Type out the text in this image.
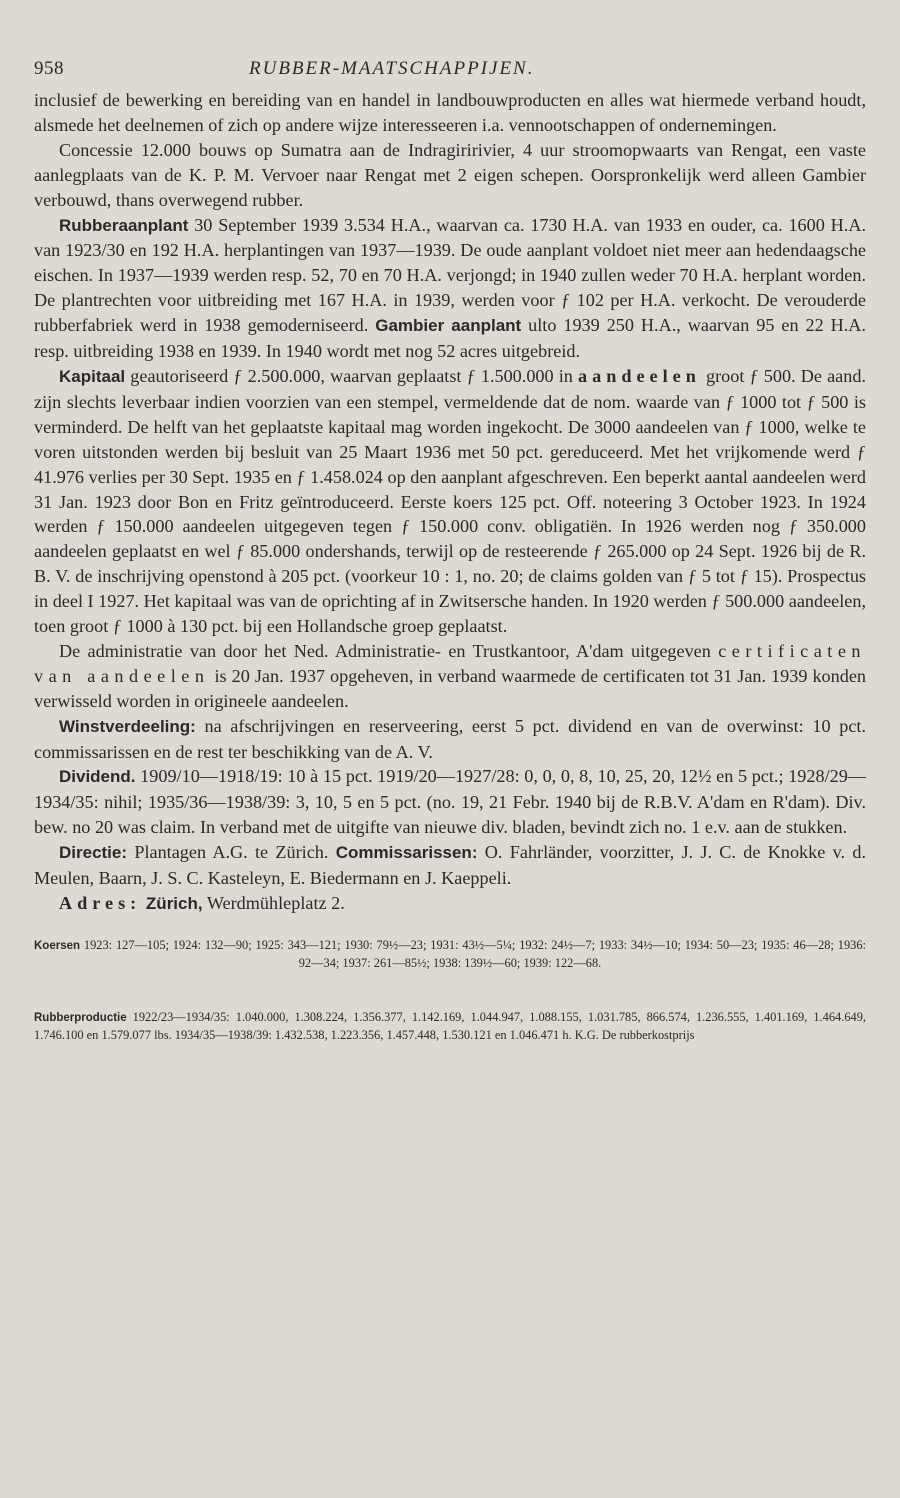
958	RUBBER-MAATSCHAPPIJEN.

inclusief de bewerking en bereiding van en handel in landbouwproducten en alles wat hiermede verband houdt, alsmede het deelnemen of zich op andere wijze interesseeren i.a. vennootschappen of ondernemingen.

Concessie 12.000 bouws op Sumatra aan de Indragiririvier, 4 uur stroomopwaarts van Rengat, een vaste aanlegplaats van de K. P. M. Vervoer naar Rengat met 2 eigen schepen. Oorspronkelijk werd alleen Gambier verbouwd, thans overwegend rubber.

Rubberaanplant 30 September 1939 3.534 H.A., waarvan ca. 1730 H.A. van 1933 en ouder, ca. 1600 H.A. van 1923/30 en 192 H.A. herplantingen van 1937—1939. De oude aanplant voldoet niet meer aan hedendaagsche eischen. In 1937—1939 werden resp. 52, 70 en 70 H.A. verjongd; in 1940 zullen weder 70 H.A. herplant worden. De plantrechten voor uitbreiding met 167 H.A. in 1939, werden voor ƒ 102 per H.A. verkocht. De verouderde rubberfabriek werd in 1938 gemoderniseerd. Gambier aanplant ulto 1939 250 H.A., waarvan 95 en 22 H.A. resp. uitbreiding 1938 en 1939. In 1940 wordt met nog 52 acres uitgebreid.

Kapitaal geautoriseerd ƒ 2.500.000, waarvan geplaatst ƒ 1.500.000 in aandeelen groot ƒ 500. De aand. zijn slechts leverbaar indien voorzien van een stempel, vermeldende dat de nom. waarde van ƒ 1000 tot ƒ 500 is verminderd. De helft van het geplaatste kapitaal mag worden ingekocht. De 3000 aandeelen van ƒ 1000, welke te voren uitstonden werden bij besluit van 25 Maart 1936 met 50 pct. gereduceerd. Met het vrijkomende werd ƒ 41.976 verlies per 30 Sept. 1935 en ƒ 1.458.024 op den aanplant afgeschreven. Een beperkt aantal aandeelen werd 31 Jan. 1923 door Bon en Fritz geïntroduceerd. Eerste koers 125 pct. Off. noteering 3 October 1923. In 1924 werden ƒ 150.000 aandeelen uitgegeven tegen ƒ 150.000 conv. obligatiën. In 1926 werden nog ƒ 350.000 aandeelen geplaatst en wel ƒ 85.000 ondershands, terwijl op de resteerende ƒ 265.000 op 24 Sept. 1926 bij de R. B. V. de inschrijving openstond à 205 pct. (voorkeur 10 : 1, no. 20; de claims golden van ƒ 5 tot ƒ 15). Prospectus in deel I 1927. Het kapitaal was van de oprichting af in Zwitsersche handen. In 1920 werden ƒ 500.000 aandeelen, toen groot ƒ 1000 à 130 pct. bij een Hollandsche groep geplaatst.

De administratie van door het Ned. Administratie- en Trustkantoor, A'dam uitgegeven certificaten van aandeelen is 20 Jan. 1937 opgeheven, in verband waarmede de certificaten tot 31 Jan. 1939 konden verwisseld worden in origineele aandeelen.

Winstverdeeling: na afschrijvingen en reserveering, eerst 5 pct. dividend en van de overwinst: 10 pct. commissarissen en de rest ter beschikking van de A. V.

Dividend. 1909/10—1918/19: 10 à 15 pct. 1919/20—1927/28: 0, 0, 0, 8, 10, 25, 20, 12½ en 5 pct.; 1928/29—1934/35: nihil; 1935/36—1938/39: 3, 10, 5 en 5 pct. (no. 19, 21 Febr. 1940 bij de R.B.V. A'dam en R'dam). Div. bew. no 20 was claim. In verband met de uitgifte van nieuwe div. bladen, bevindt zich no. 1 e.v. aan de stukken.

Directie: Plantagen A.G. te Zürich. Commissarissen: O. Fahrländer, voorzitter, J. J. C. de Knokke v. d. Meulen, Baarn, J. S. C. Kasteleyn, E. Biedermann en J. Kaeppeli.

Adres: Zürich, Werdmühleplatz 2.

Koersen 1923: 127—105; 1924: 132—90; 1925: 343—121; 1930: 79½—23; 1931: 43½—5¼; 1932: 24½—7; 1933: 34½—10; 1934: 50—23; 1935: 46—28; 1936: 92—34; 1937: 261—85½; 1938: 139½—60; 1939: 122—68.

Rubberproductie 1922/23—1934/35: 1.040.000, 1.308.224, 1.356.377, 1.142.169, 1.044.947, 1.088.155, 1.031.785, 866.574, 1.236.555, 1.401.169, 1.464.649, 1.746.100 en 1.579.077 lbs. 1934/35—1938/39: 1.432.538, 1.223.356, 1.457.448, 1.530.121 en 1.046.471 h. K.G. De rubberkostprijs
